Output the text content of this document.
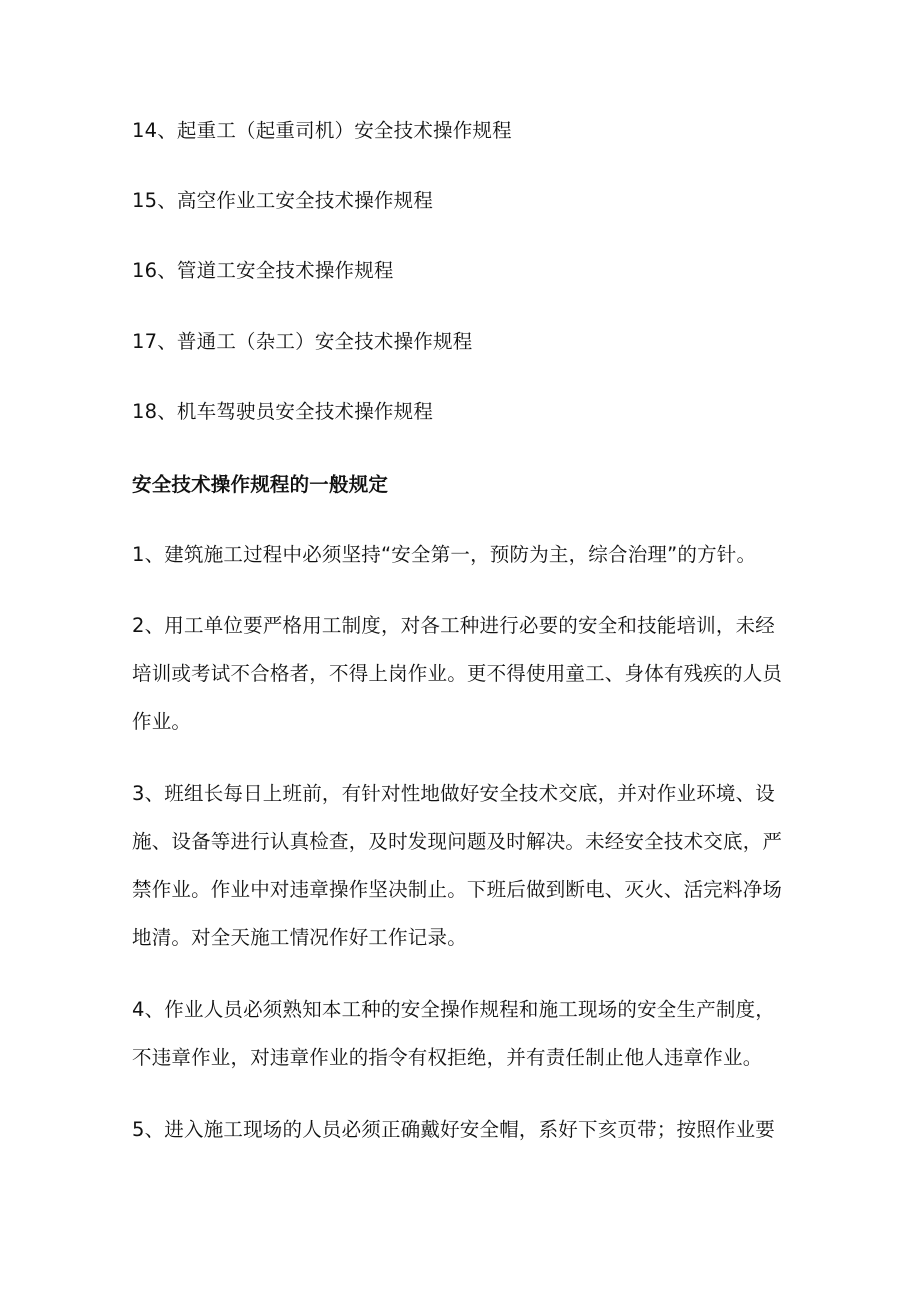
14、起重工（起重司机）安全技术操作规程
15、高空作业工安全技术操作规程
16、管道工安全技术操作规程
17、普通工（杂工）安全技术操作规程
18、机车驾驶员安全技术操作规程
安全技术操作规程的一般规定
1、建筑施工过程中必须坚持“安全第一，预防为主，综合治理”的方针。
2、用工单位要严格用工制度，对各工种进行必要的安全和技能培训，未经
培训或考试不合格者，不得上岗作业。更不得使用童工、身体有残疾的人员
作业。
3、班组长每日上班前，有针对性地做好安全技术交底，并对作业环境、设
施、设备等进行认真检查，及时发现问题及时解决。未经安全技术交底，严
禁作业。作业中对违章操作坚决制止。下班后做到断电、灭火、活完料净场
地清。对全天施工情况作好工作记录。
4、作业人员必须熟知本工种的安全操作规程和施工现场的安全生产制度，
不违章作业，对违章作业的指令有权拒绝，并有责任制止他人违章作业。
5、进入施工现场的人员必须正确戴好安全帽，系好下亥页带；按照作业要
